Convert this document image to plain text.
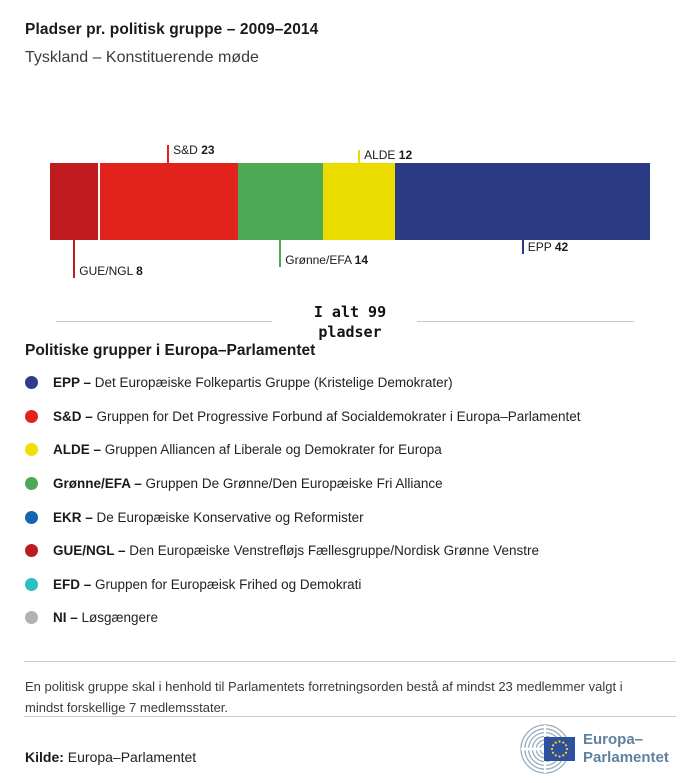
Pladser pr. politisk gruppe – 2009–2014
Tyskland – Konstituerende møde
GUE/NGL 8
S&D 23
Grønne/EFA 14
ALDE 12
EPP 42
I alt 99
pladser
Politiske grupper i Europa–Parlamentet
EPP – Det Europæiske Folkepartis Gruppe (Kristelige Demokrater)
S&D – Gruppen for Det Progressive Forbund af Socialdemokrater i Europa–Parlamentet
ALDE – Gruppen Alliancen af Liberale og Demokrater for Europa
Grønne/EFA – Gruppen De Grønne/Den Europæiske Fri Alliance
EKR – De Europæiske Konservative og Reformister
GUE/NGL – Den Europæiske Venstrefløjs Fællesgruppe/Nordisk Grønne Venstre
EFD – Gruppen for Europæisk Frihed og Demokrati
NI – Løsgængere
En politisk gruppe skal i henhold til Parlamentets forretningsorden bestå af mindst 23 medlemmer valgt i mindst forskellige 7 medlemsstater.
Kilde: Europa–Parlamentet
Europa–
Parlamentet
